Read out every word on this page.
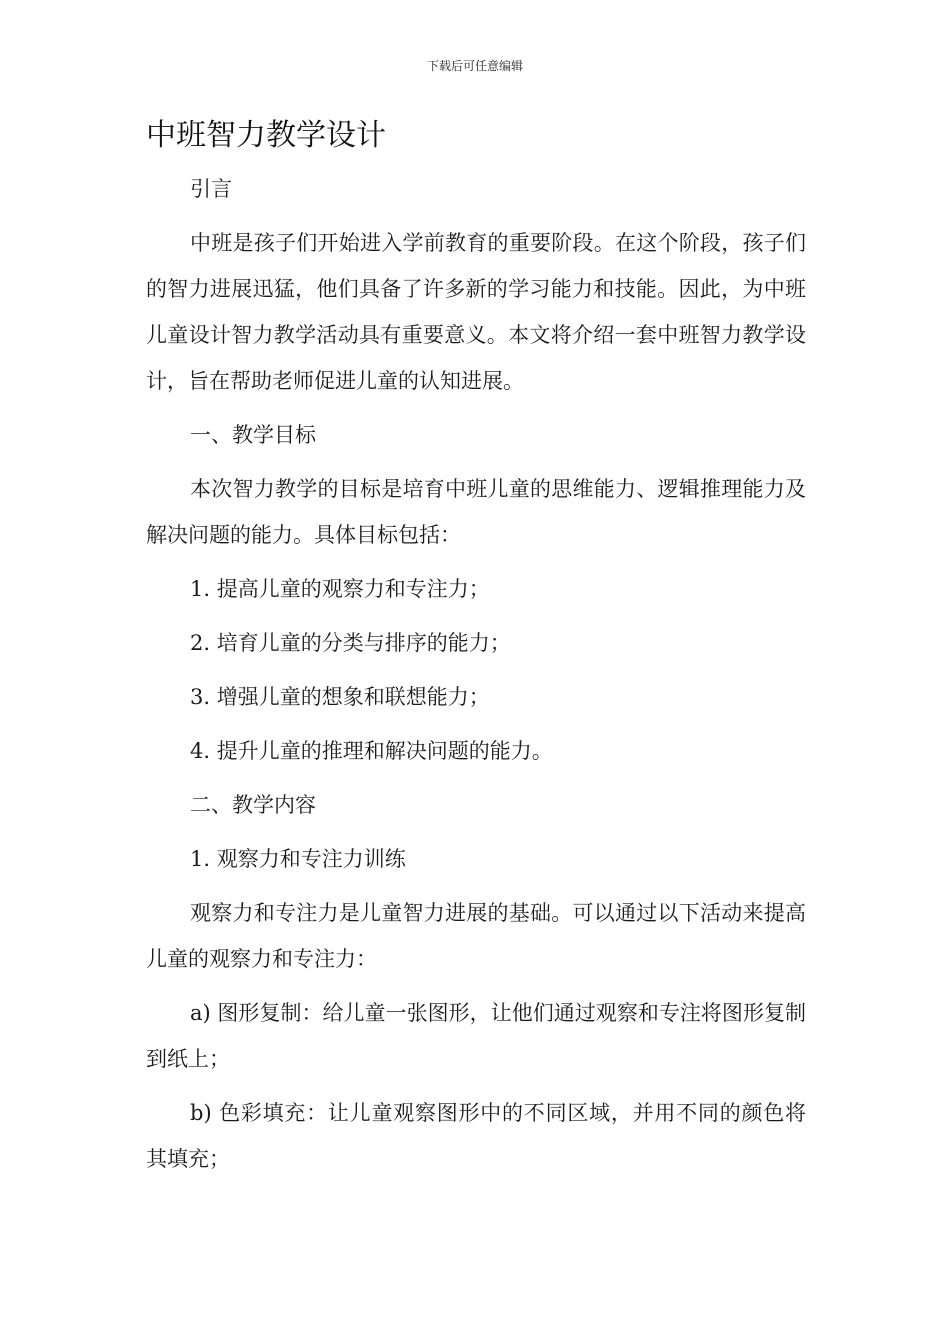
下载后可任意编辑
中班智力教学设计

引言

中班是孩子们开始进入学前教育的重要阶段。在这个阶段，孩子们的智力进展迅猛，他们具备了许多新的学习能力和技能。因此，为中班儿童设计智力教学活动具有重要意义。本文将介绍一套中班智力教学设计，旨在帮助老师促进儿童的认知进展。

一、教学目标

本次智力教学的目标是培育中班儿童的思维能力、逻辑推理能力及解决问题的能力。具体目标包括：

1. 提高儿童的观察力和专注力；

2. 培育儿童的分类与排序的能力；

3. 增强儿童的想象和联想能力；

4. 提升儿童的推理和解决问题的能力。

二、教学内容

1. 观察力和专注力训练

观察力和专注力是儿童智力进展的基础。可以通过以下活动来提高儿童的观察力和专注力：

a) 图形复制：给儿童一张图形，让他们通过观察和专注将图形复制到纸上；

b) 色彩填充：让儿童观察图形中的不同区域，并用不同的颜色将其填充；
